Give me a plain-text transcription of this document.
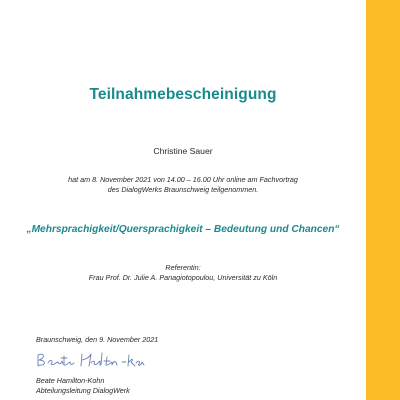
Teilnahmebescheinigung
Christine Sauer
hat am 8. November 2021 von 14.00 – 16.00 Uhr online am Fachvortrag
des DialogWerks Braunschweig teilgenommen.
„Mehrsprachigkeit/Quersprachigkeit – Bedeutung und Chancen“
Referentin:
Frau Prof. Dr. Julie A. Panagiotopoulou, Universität zu Köln
Braunschweig, den 9. November 2021
Beate Hamilton-Kohn
Abteilungsleitung DialogWerk
